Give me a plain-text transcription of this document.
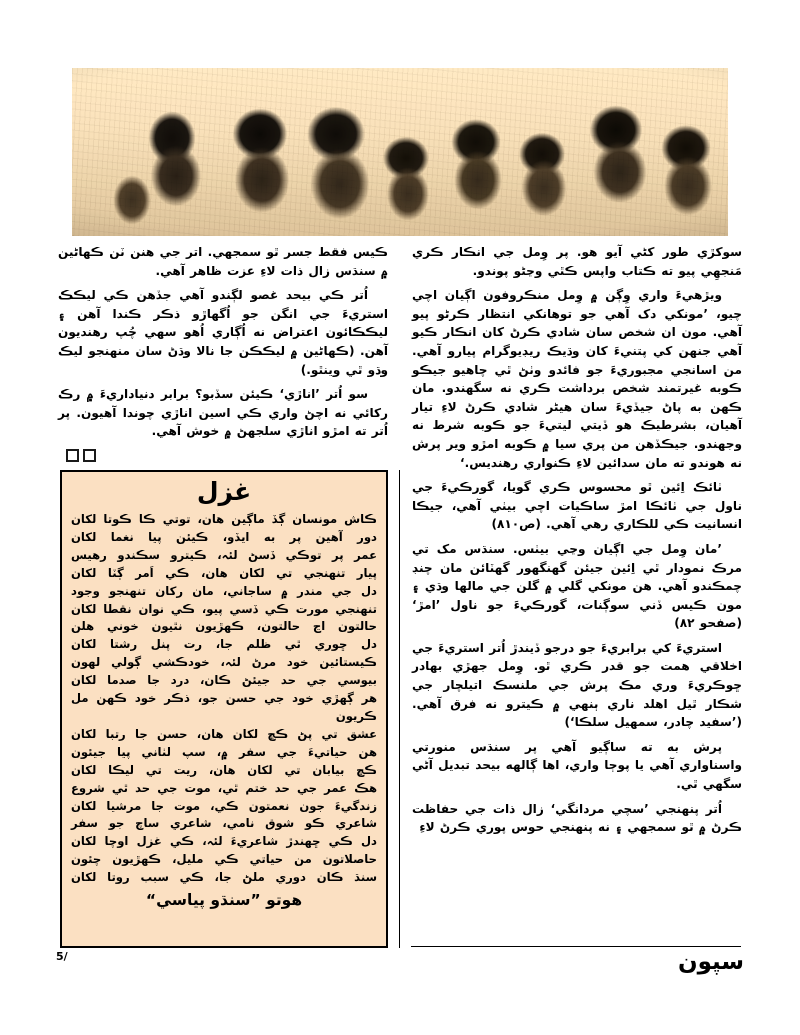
سوکڙي طور کڻي آيو هو. پر وِمل جي انڪار ڪري مَنجهِي پيو ته ڪتاب واپس ڪٿي وڃڻو پوندو.

ويڙهيءَ واري وِڳن ۾ وِمل منڪروفون اڳيان اچي چيو، ’مونکي دک آهي جو توهانکي انتظار ڪرڻو پيو آهي. مون ان شخص سان شادي ڪرڻ کان انڪار ڪيو آهي جنهن کي پتنيءَ کان وڌيڪ ريڊيوگرام پيارو آهي. من اسانجي مجبوريءَ جو فائدو وٺڻ ٿي چاهيو جيڪو ڪوبه غيرتمند شخص برداشت ڪري نه سگهندو. مان ڪهن به پاڻ جيڏيءَ سان هيڻر شادي ڪرڻ لاءِ تيار آهيان، بشرطيڪ هو ڏيتي ليتيءَ جو ڪوبه شرط نه وجهندو. جيڪڏهن من پري سيا ۾ ڪوبه امڙو وير پرش نه هوندو ته مان سدائين لاءِ ڪنواري رهنديس.‘

ٺائڪ اِئين ٿو محسوس ڪري گويا، گورڪيءَ جي ناول جي ٺائڪا امڙ ساڪيات اچي بيٺي آهي، جيڪا انسانيت ڪي للڪاري رهي آهي. (ص٨١٠)

’مان وِمل جي اڳيان وڃي بيٺس. سنڌس مک تي مرڪ نمودار ٿي اِئين جيئن گهنگهور گهٽائن مان چنڊ چمڪندو آهي. هن مونکي گلي ۾ گلن جي مالها وڌي ۽ مون ڪيس ڏني سوڳنات، گورڪيءَ جو ناول ’امڙ‘ (صفحو ٨٢)

استريءَ کي برابريءَ جو درجو ڏيندڙ اُتر استريءَ جي اخلاقي همت جو قدر ڪري ٿو. وِمل جهڙي بهادر ڇوڪريءَ وري مڪ پرش جي ملنسڪ اتيلچار جي شڪار ٿيل اهلد ناري ٻنهي ۾ ڪيترو نه فرق آهي. (’سفيد چادر، سمهيل سلڪا‘)

پرش به ته ساڳيو آهي پر سنڌس منورتي واسناواري آهي يا پوڄا واري، اها ڳالهه بيحد تبديل آڻي سگهي ٿي.

اُتر پنهنجي ’سچي مردانگي‘ زال ذات جي حفاظت ڪرڻ ۾ ٿو سمجهي ۽ نه پنهنجي حوس پوري ڪرڻ لاءِ

ڪيس فقط جسر ٿو سمجهي. اتر جي هنن ٽن ڪهاڻين ۾ سنڌس زال ذات لاءِ عزت ظاهر آهي.

اُتر ڪي بيحد غصو لڳندو آهي جڏهن ڪي ليڪڪ استريءَ جي انگن جو اُگهاڙو ذڪر ڪندا آهن ۽ ليڪڪائون اعتراض نه اُڳاري اُهو سهي چُپ رهنديون آهن. (ڪهاڻين ۾ ليڪڪن جا نالا وڌڻ سان منهنجو ليڪ وڌو ٿي وينٿو.)

سو اُتر ’اناڙي‘ ڪيئن سڏبو؟ برابر دنياداريءَ ۾ رڪ رکائي نه اچڻ واري ڪي اسين اناڙي چوندا آهيون. پر اُتر ته امڙو اناڙي سلجهڻ ۾ خوش آهي.

غزل

ڪاش مونسان ڳڏ ماڳين هان، توتي ڪا ڪوتا لکان

دور آهين پر به ايڏو، ڪيئن پيا نغما لکان

عمر پر توڪي ڏسڻ لئہ، ڪيترو سڪندو رهيس

پيار تنهنجي تي لکان هان، ڪي اَمر ڳٽا لکان

دل جي مندر ۾ ساجاني، مان رکان تنهنجو وجود

تنهنجي مورت ڪي ڏسي پيو، ڪي نوان نقطا لکان

حالتون اڃ حالتون، ڪهڙيون نٿيون خوني هلن

دل ڇوري ٿي ظلم جا، رت پنل رشتا لکان

ڪيستائين خود مرڻ لئہ، خودڪشي ڳولي لهون

بيوسي جي حد جيئڻ ڪان، درد جا صدما لکان

هر ڳهڙي خود جي حسن جو، ذڪر خود ڪهن مل ڪريون

عشق تي پڻ ڪڇ لکان هان، حسن جا رتبا لکان

هن حياتيءَ جي سفر ۾، سپ لٺاني پيا جيئون

ڪڇ بيابان تي لکان هان، ريت تي ليڪا لکان

هڪ عمر جي حد ختم ٿي، موت جي حد ٿي شروع

زندگيءَ جون نعمتون ڪي، موت جا مرشيا لکان

شاعري ڪو شوق نامي، شاعري ساچ جو سفر

دل ڪي ڇهندڙ شاعريءَ لئہ، ڪي غزل اوچا لکان

حاصلاتون من حياتي ڪي مليل، ڪهڙيون چئون

سنڌ ڪان دوري ملڻ جا، ڪي سبب روتا لکان

هوتو ”سنڌو پياسي“
5/	سپون
